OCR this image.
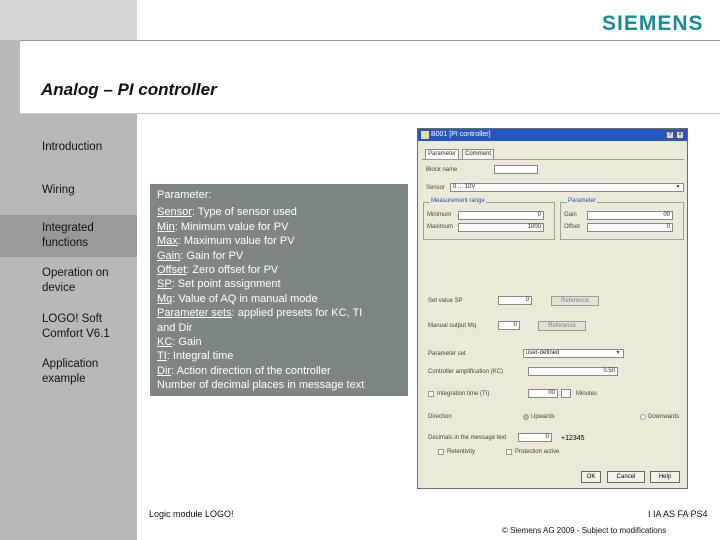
SIEMENS
Analog – PI controller
Introduction
Wiring
Integrated
functions
Operation on
device
LOGO! Soft
Comfort V6.1
Application
example
Parameter:
Sensor: Type of sensor used
Min: Minimum value for PV
Max: Maximum value for PV
Gain: Gain for PV
Offset: Zero offset for PV
SP: Set point assignment
Mq: Value of AQ in manual mode
Parameter sets: applied presets for KC, TI
and Dir
KC: Gain
TI: Integral time
Dir: Action direction of the controller
Number of decimal places in message text
B001 [PI controller]	?	×
Parameter	Comment
Block name
Sensor	0 ... 10V	▾
Measurement range
Minimum	0
Maximum	1000
Parameter
Gain	00
Offset	0
Set value SP	0	Reference
Manual output Mq	0	Reference
Parameter set	user-defined	▾
Controller amplification (KC)	0.50
Integration time (TI)	00	Minutes
Direction	Upwards	Downwards
Decimals in the message text	0	+12345
Retentivity	Protection active
OK	Cancel	Help
Logic module LOGO!	I IA AS FA PS4
© Siemens AG 2009 - Subject to modifications
